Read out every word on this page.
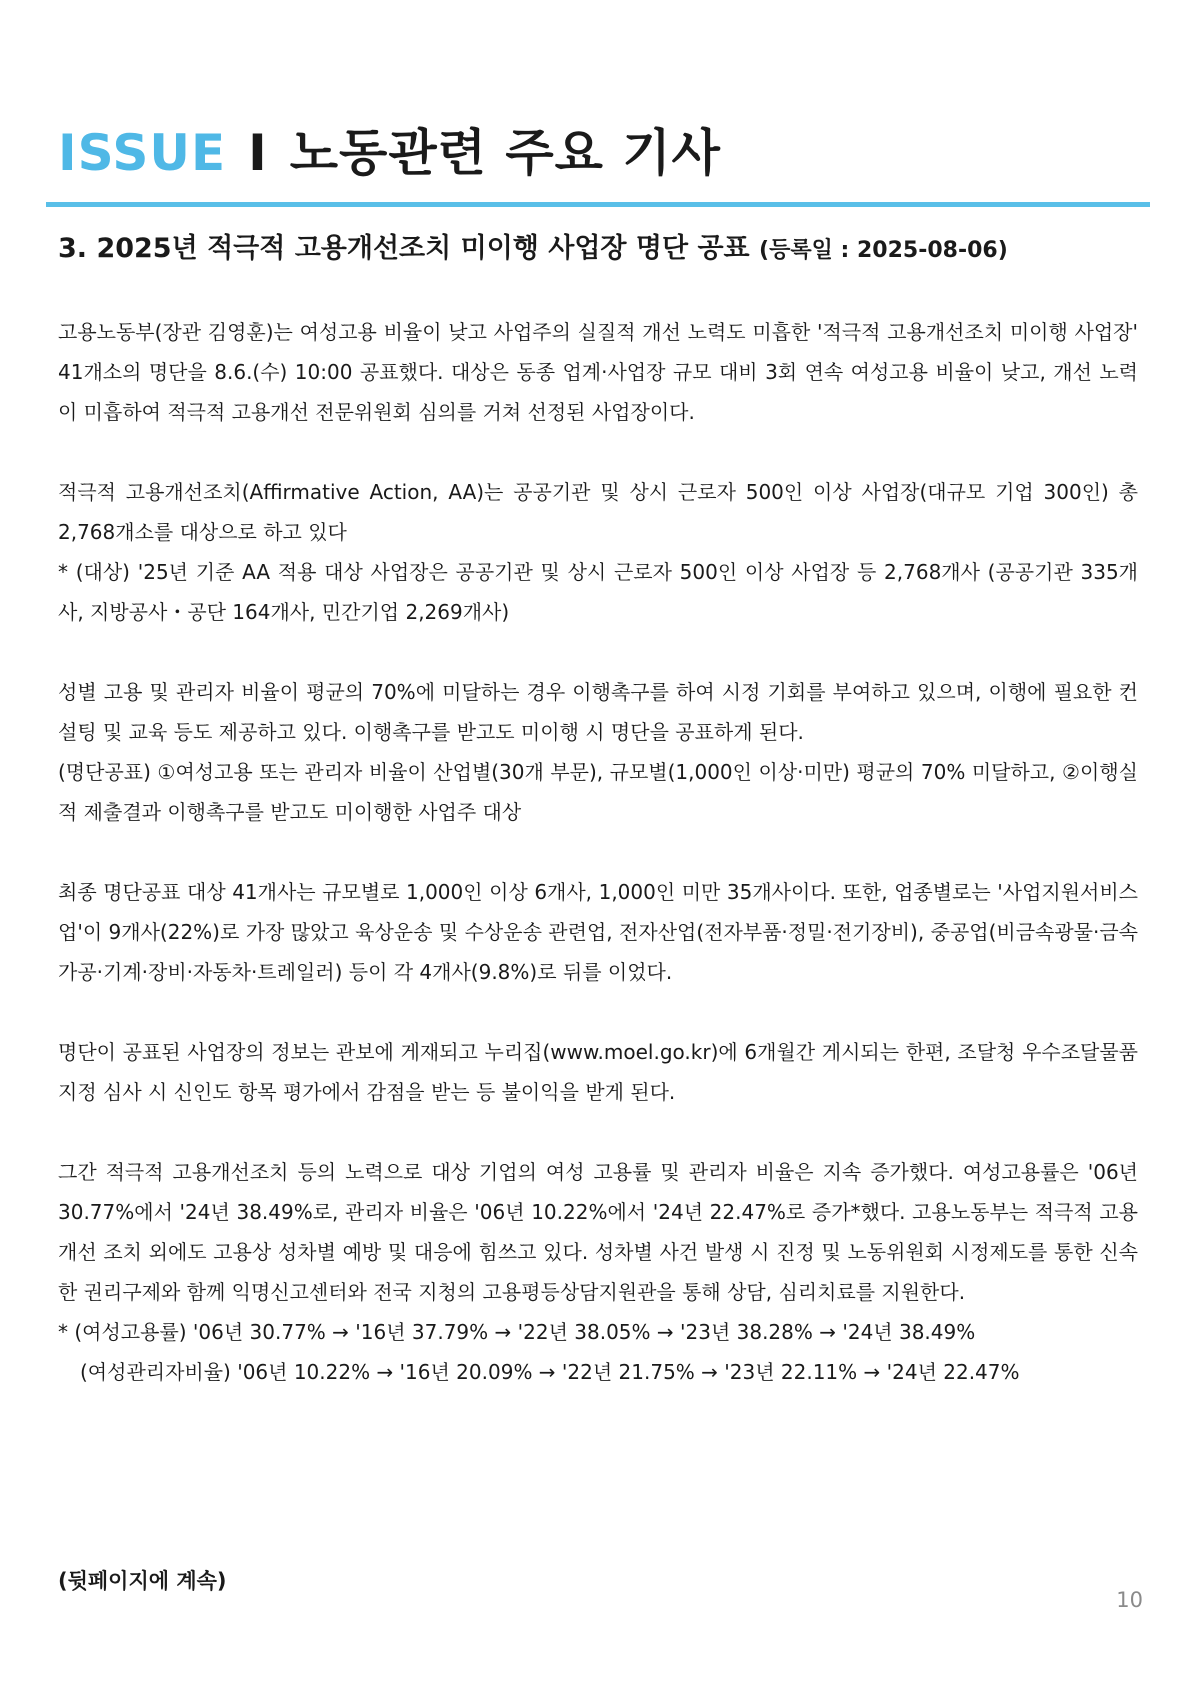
ISSUE I 노동관련 주요 기사
3. 2025년 적극적 고용개선조치 미이행 사업장 명단 공표 (등록일 : 2025-08-06)

고용노동부(장관 김영훈)는 여성고용 비율이 낮고 사업주의 실질적 개선 노력도 미흡한 '적극적 고용개선조치 미이행 사업장' 41개소의 명단을 8.6.(수) 10:00 공표했다. 대상은 동종 업계·사업장 규모 대비 3회 연속 여성고용 비율이 낮고, 개선 노력이 미흡하여 적극적 고용개선 전문위원회 심의를 거쳐 선정된 사업장이다.

적극적 고용개선조치(Affirmative Action, AA)는 공공기관 및 상시 근로자 500인 이상 사업장(대규모 기업 300인) 총 2,768개소를 대상으로 하고 있다

* (대상) '25년 기준 AA 적용 대상 사업장은 공공기관 및 상시 근로자 500인 이상 사업장 등 2,768개사 (공공기관 335개사, 지방공사・공단 164개사, 민간기업 2,269개사)

성별 고용 및 관리자 비율이 평균의 70%에 미달하는 경우 이행촉구를 하여 시정 기회를 부여하고 있으며, 이행에 필요한 컨설팅 및 교육 등도 제공하고 있다. 이행촉구를 받고도 미이행 시 명단을 공표하게 된다.

(명단공표) ①여성고용 또는 관리자 비율이 산업별(30개 부문), 규모별(1,000인 이상·미만) 평균의 70% 미달하고, ②이행실적 제출결과 이행촉구를 받고도 미이행한 사업주 대상

최종 명단공표 대상 41개사는 규모별로 1,000인 이상 6개사, 1,000인 미만 35개사이다. 또한, 업종별로는 '사업지원서비스업'이 9개사(22%)로 가장 많았고 육상운송 및 수상운송 관련업, 전자산업(전자부품·정밀·전기장비), 중공업(비금속광물·금속가공·기계·장비·자동차·트레일러) 등이 각 4개사(9.8%)로 뒤를 이었다.

명단이 공표된 사업장의 정보는 관보에 게재되고 누리집(www.moel.go.kr)에 6개월간 게시되는 한편, 조달청 우수조달물품 지정 심사 시 신인도 항목 평가에서 감점을 받는 등 불이익을 받게 된다.

그간 적극적 고용개선조치 등의 노력으로 대상 기업의 여성 고용률 및 관리자 비율은 지속 증가했다. 여성고용률은 '06년 30.77%에서 '24년 38.49%로, 관리자 비율은 '06년 10.22%에서 '24년 22.47%로 증가*했다. 고용노동부는 적극적 고용개선 조치 외에도 고용상 성차별 예방 및 대응에 힘쓰고 있다. 성차별 사건 발생 시 진정 및 노동위원회 시정제도를 통한 신속한 권리구제와 함께 익명신고센터와 전국 지청의 고용평등상담지원관을 통해 상담, 심리치료를 지원한다.

* (여성고용률) '06년 30.77% → '16년 37.79% → '22년 38.05% → '23년 38.28% → '24년 38.49%

(여성관리자비율) '06년 10.22% → '16년 20.09% → '22년 21.75% → '23년 22.11% → '24년 22.47%

(뒷페이지에 계속)
10
